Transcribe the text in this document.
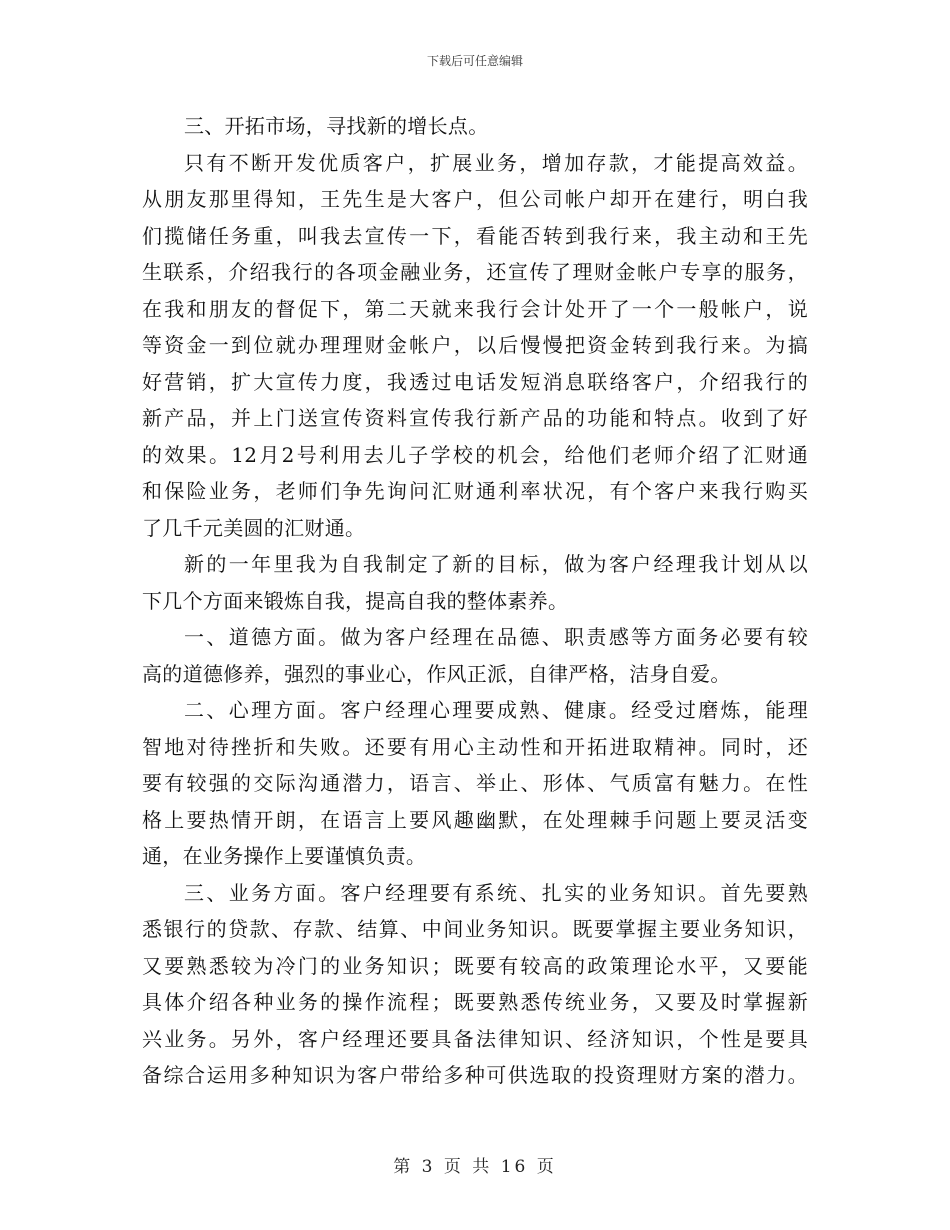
下载后可任意编辑
三、开拓市场，寻找新的增长点。
只有不断开发优质客户，扩展业务，增加存款，才能提高效益。
从朋友那里得知，王先生是大客户，但公司帐户却开在建行，明白我
们揽储任务重，叫我去宣传一下，看能否转到我行来，我主动和王先
生联系，介绍我行的各项金融业务，还宣传了理财金帐户专享的服务，
在我和朋友的督促下，第二天就来我行会计处开了一个一般帐户，说
等资金一到位就办理理财金帐户，以后慢慢把资金转到我行来。为搞
好营销，扩大宣传力度，我透过电话发短消息联络客户，介绍我行的
新产品，并上门送宣传资料宣传我行新产品的功能和特点。收到了好
的效果。12月2号利用去儿子学校的机会，给他们老师介绍了汇财通
和保险业务，老师们争先询问汇财通利率状况，有个客户来我行购买
了几千元美圆的汇财通。
新的一年里我为自我制定了新的目标，做为客户经理我计划从以
下几个方面来锻炼自我，提高自我的整体素养。
一、道德方面。做为客户经理在品德、职责感等方面务必要有较
高的道德修养，强烈的事业心，作风正派，自律严格，洁身自爱。
二、心理方面。客户经理心理要成熟、健康。经受过磨炼，能理
智地对待挫折和失败。还要有用心主动性和开拓进取精神。同时，还
要有较强的交际沟通潜力，语言、举止、形体、气质富有魅力。在性
格上要热情开朗，在语言上要风趣幽默，在处理棘手问题上要灵活变
通，在业务操作上要谨慎负责。
三、业务方面。客户经理要有系统、扎实的业务知识。首先要熟
悉银行的贷款、存款、结算、中间业务知识。既要掌握主要业务知识，
又要熟悉较为冷门的业务知识；既要有较高的政策理论水平，又要能
具体介绍各种业务的操作流程；既要熟悉传统业务，又要及时掌握新
兴业务。另外，客户经理还要具备法律知识、经济知识，个性是要具
备综合运用多种知识为客户带给多种可供选取的投资理财方案的潜力。
第 3 页 共 16 页
